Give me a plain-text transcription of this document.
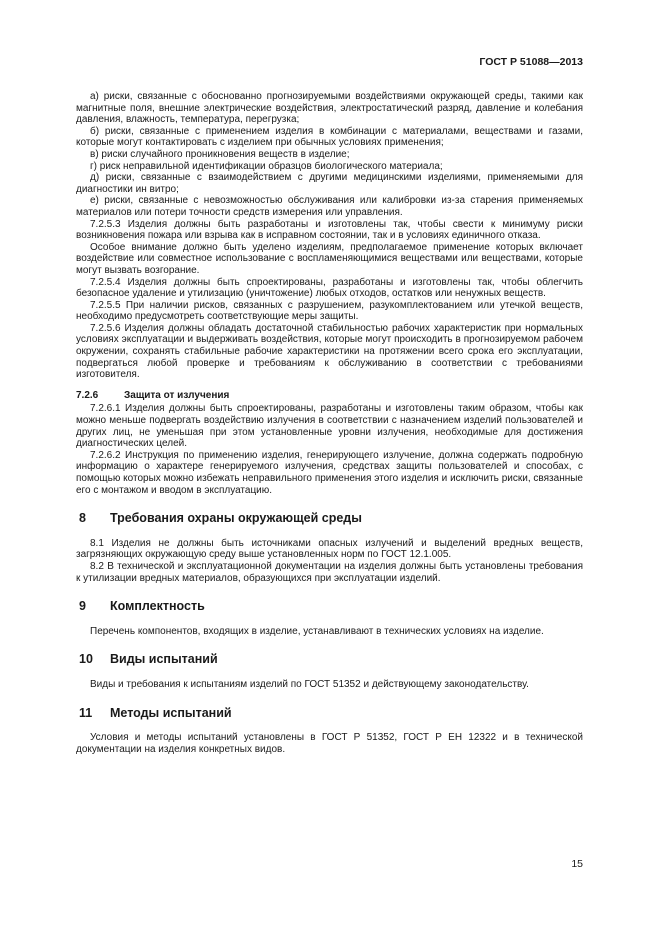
ГОСТ Р 51088—2013

а) риски, связанные с обоснованно прогнозируемыми воздействиями окружающей среды, такими как магнитные поля, внешние электрические воздействия, электростатический разряд, давление и колебания давления, влажность, температура, перегрузка;

б) риски, связанные с применением изделия в комбинации с материалами, веществами и газами, которые могут контактировать с изделием при обычных условиях применения;

в) риски случайного проникновения веществ в изделие;

г) риск неправильной идентификации образцов биологического материала;

д) риски, связанные с взаимодействием с другими медицинскими изделиями, применяемыми для диагностики ин витро;

е) риски, связанные с невозможностью обслуживания или калибровки из-за старения применяемых материалов или потери точности средств измерения или управления.

7.2.5.3 Изделия должны быть разработаны и изготовлены так, чтобы свести к минимуму риски возникновения пожара или взрыва как в исправном состоянии, так и в условиях единичного отказа.

Особое внимание должно быть уделено изделиям, предполагаемое применение которых включает воздействие или совместное использование с воспламеняющимися веществами или веществами, которые могут вызвать возгорание.

7.2.5.4 Изделия должны быть спроектированы, разработаны и изготовлены так, чтобы облегчить безопасное удаление и утилизацию (уничтожение) любых отходов, остатков или ненужных веществ.

7.2.5.5 При наличии рисков, связанных с разрушением, разукомплектованием или утечкой веществ, необходимо предусмотреть соответствующие меры защиты.

7.2.5.6 Изделия должны обладать достаточной стабильностью рабочих характеристик при нормальных условиях эксплуатации и выдерживать воздействия, которые могут происходить в прогнозируемом рабочем окружении, сохранять стабильные рабочие характеристики на протяжении всего срока его эксплуатации, подвергаться любой проверке и требованиям к обслуживанию в соответствии с требованиями изготовителя.

7.2.6	Защита от излучения

7.2.6.1 Изделия должны быть спроектированы, разработаны и изготовлены таким образом, чтобы как можно меньше подвергать воздействию излучения в соответствии с назначением изделий пользователей и других лиц, не уменьшая при этом установленные уровни излучения, необходимые для достижения диагностических целей.

7.2.6.2 Инструкция по применению изделия, генерирующего излучение, должна содержать подробную информацию о характере генерируемого излучения, средствах защиты пользователей и способах, с помощью которых можно избежать неправильного применения этого изделия и исключить риски, связанные его с монтажом и вводом в эксплуатацию.

8 Требования охраны окружающей среды

8.1 Изделия не должны быть источниками опасных излучений и выделений вредных веществ, загрязняющих окружающую среду выше установленных норм по ГОСТ 12.1.005.

8.2 В технической и эксплуатационной документации на изделия должны быть установлены требования к утилизации вредных материалов, образующихся при эксплуатации изделий.

9 Комплектность

Перечень компонентов, входящих в изделие, устанавливают в технических условиях на изделие.

10 Виды испытаний

Виды и требования к испытаниям изделий по ГОСТ 51352 и действующему законодательству.

11 Методы испытаний

Условия и методы испытаний установлены в ГОСТ Р 51352, ГОСТ Р ЕН 12322 и в технической документации на изделия конкретных видов.

15
